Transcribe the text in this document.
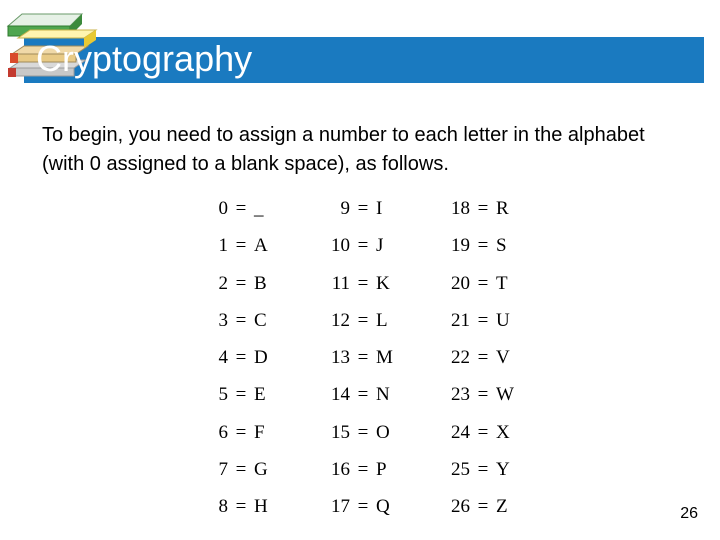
Cryptography
To begin, you need to assign a number to each letter in the alphabet (with 0 assigned to a blank space), as follows.
0 = _	9 = I	18 = R
1 = A	10 = J	19 = S
2 = B	11 = K	20 = T
3 = C	12 = L	21 = U
4 = D	13 = M	22 = V
5 = E	14 = N	23 = W
6 = F	15 = O	24 = X
7 = G	16 = P	25 = Y
8 = H	17 = Q	26 = Z	26
